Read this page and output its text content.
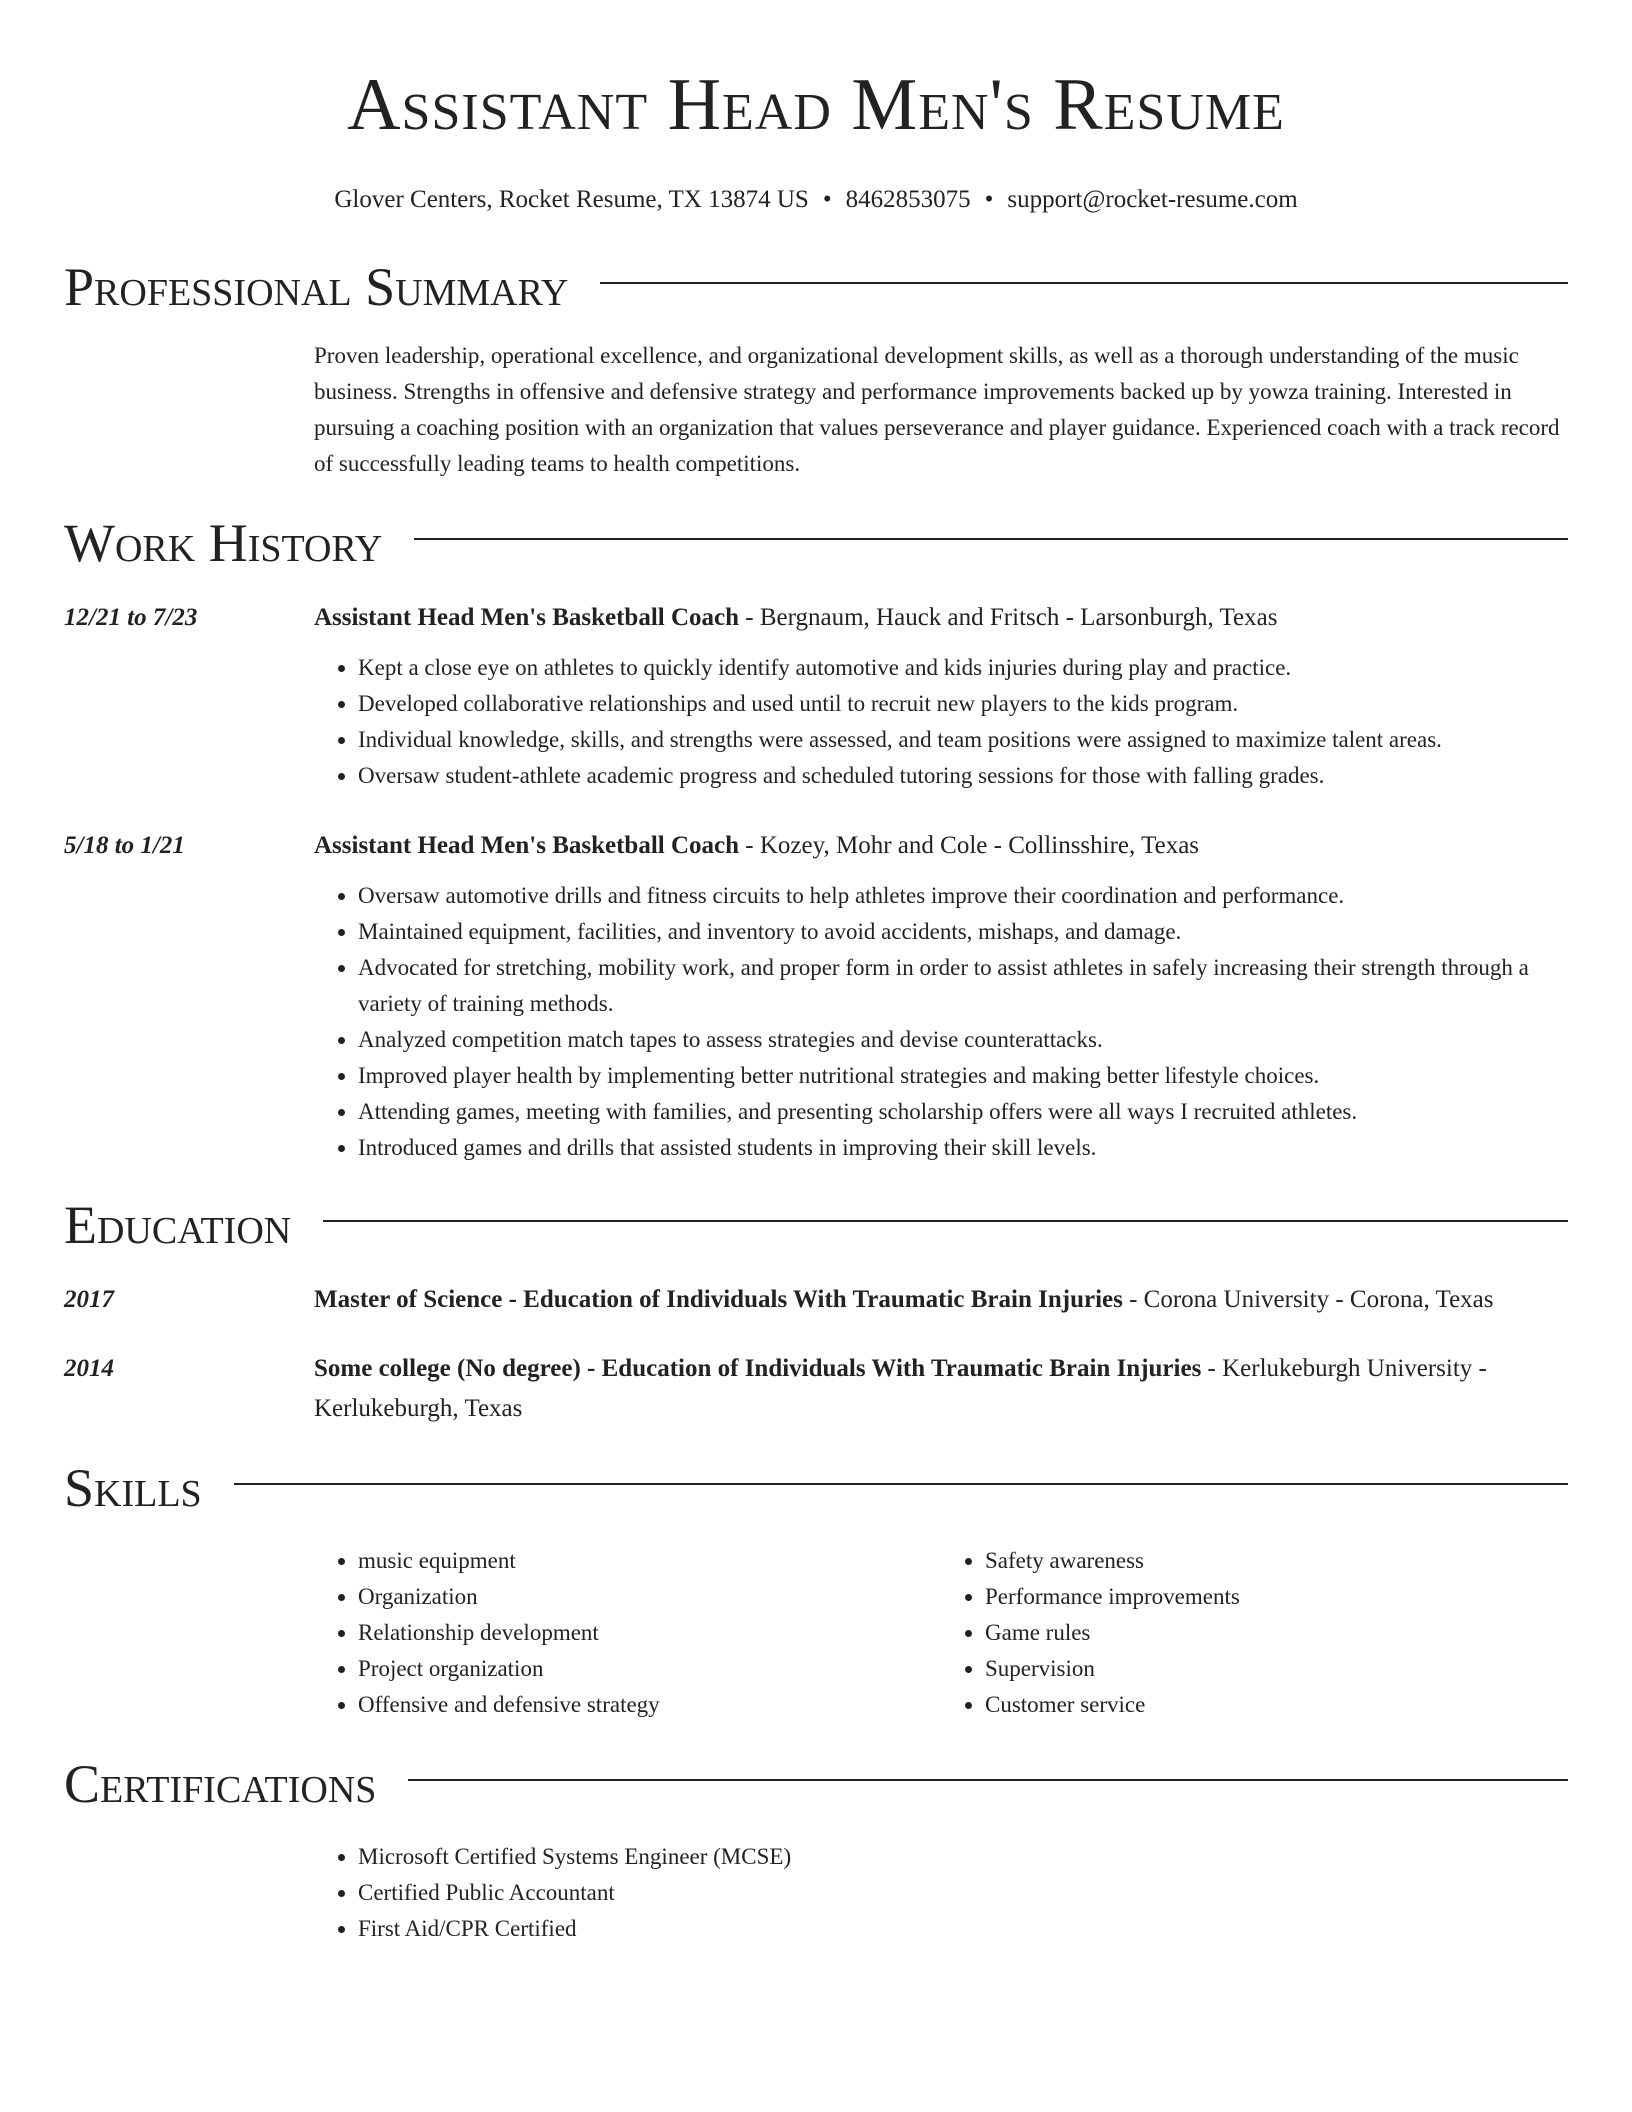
Assistant Head Men's Resume
Glover Centers, Rocket Resume, TX 13874 US • 8462853075 • support@rocket-resume.com
Professional Summary
Proven leadership, operational excellence, and organizational development skills, as well as a thorough understanding of the music business. Strengths in offensive and defensive strategy and performance improvements backed up by yowza training. Interested in pursuing a coaching position with an organization that values perseverance and player guidance. Experienced coach with a track record of successfully leading teams to health competitions.
Work History
12/21 to 7/23	Assistant Head Men's Basketball Coach - Bergnaum, Hauck and Fritsch - Larsonburgh, Texas
• Kept a close eye on athletes to quickly identify automotive and kids injuries during play and practice.
• Developed collaborative relationships and used until to recruit new players to the kids program.
• Individual knowledge, skills, and strengths were assessed, and team positions were assigned to maximize talent areas.
• Oversaw student-athlete academic progress and scheduled tutoring sessions for those with falling grades.
5/18 to 1/21	Assistant Head Men's Basketball Coach - Kozey, Mohr and Cole - Collinsshire, Texas
• Oversaw automotive drills and fitness circuits to help athletes improve their coordination and performance.
• Maintained equipment, facilities, and inventory to avoid accidents, mishaps, and damage.
• Advocated for stretching, mobility work, and proper form in order to assist athletes in safely increasing their strength through a variety of training methods.
• Analyzed competition match tapes to assess strategies and devise counterattacks.
• Improved player health by implementing better nutritional strategies and making better lifestyle choices.
• Attending games, meeting with families, and presenting scholarship offers were all ways I recruited athletes.
• Introduced games and drills that assisted students in improving their skill levels.
Education
2017	Master of Science - Education of Individuals With Traumatic Brain Injuries - Corona University - Corona, Texas
2014	Some college (No degree) - Education of Individuals With Traumatic Brain Injuries - Kerlukeburgh University - Kerlukeburgh, Texas
Skills
• music equipment
• Organization
• Relationship development
• Project organization
• Offensive and defensive strategy
• Safety awareness
• Performance improvements
• Game rules
• Supervision
• Customer service
Certifications
• Microsoft Certified Systems Engineer (MCSE)
• Certified Public Accountant
• First Aid/CPR Certified
